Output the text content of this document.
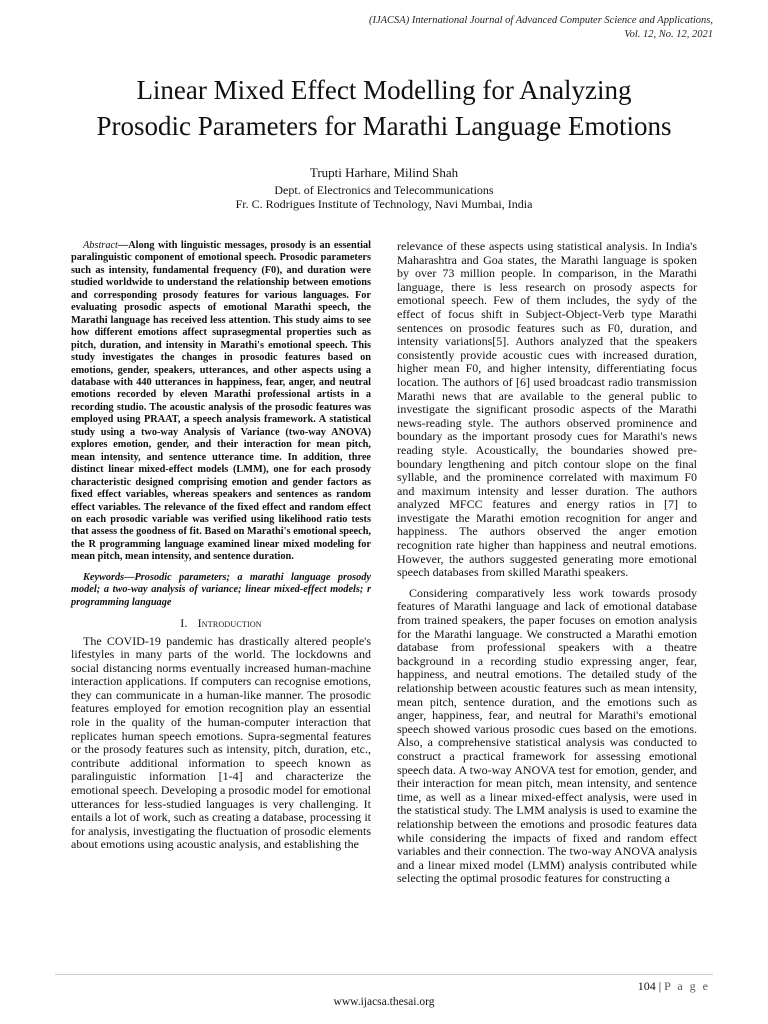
(IJACSA) International Journal of Advanced Computer Science and Applications,
Vol. 12, No. 12, 2021
Linear Mixed Effect Modelling for Analyzing
Prosodic Parameters for Marathi Language Emotions
Trupti Harhare, Milind Shah
Dept. of Electronics and Telecommunications
Fr. C. Rodrigues Institute of Technology, Navi Mumbai, India

Abstract—Along with linguistic messages, prosody is an essential paralinguistic component of emotional speech. Prosodic parameters such as intensity, fundamental frequency (F0), and duration were studied worldwide to understand the relationship between emotions and corresponding prosody features for various languages. For evaluating prosodic aspects of emotional Marathi speech, the Marathi language has received less attention. This study aims to see how different emotions affect suprasegmental properties such as pitch, duration, and intensity in Marathi's emotional speech. This study investigates the changes in prosodic features based on emotions, gender, speakers, utterances, and other aspects using a database with 440 utterances in happiness, fear, anger, and neutral emotions recorded by eleven Marathi professional artists in a recording studio. The acoustic analysis of the prosodic features was employed using PRAAT, a speech analysis framework. A statistical study using a two-way Analysis of Variance (two-way ANOVA) explores emotion, gender, and their interaction for mean pitch, mean intensity, and sentence utterance time. In addition, three distinct linear mixed-effect models (LMM), one for each prosody characteristic designed comprising emotion and gender factors as fixed effect variables, whereas speakers and sentences as random effect variables. The relevance of the fixed effect and random effect on each prosodic variable was verified using likelihood ratio tests that assess the goodness of fit. Based on Marathi's emotional speech, the R programming language examined linear mixed modeling for mean pitch, mean intensity, and sentence duration.

Keywords—Prosodic parameters; a marathi language prosody model; a two-way analysis of variance; linear mixed-effect models; r programming language

I. Introduction

The COVID-19 pandemic has drastically altered people's lifestyles in many parts of the world. The lockdowns and social distancing norms eventually increased human-machine interaction applications. If computers can recognise emotions, they can communicate in a human-like manner. The prosodic features employed for emotion recognition play an essential role in the quality of the human-computer interaction that replicates human speech emotions. Supra-segmental features or the prosody features such as intensity, pitch, duration, etc., contribute additional information to speech known as paralinguistic information [1-4] and characterize the emotional speech. Developing a prosodic model for emotional utterances for less-studied languages is very challenging. It entails a lot of work, such as creating a database, processing it for analysis, investigating the fluctuation of prosodic elements about emotions using acoustic analysis, and establishing the

relevance of these aspects using statistical analysis. In India's Maharashtra and Goa states, the Marathi language is spoken by over 73 million people. In comparison, in the Marathi language, there is less research on prosody aspects for emotional speech. Few of them includes, the sydy of the effect of focus shift in Subject-Object-Verb type Marathi sentences on prosodic features such as F0, duration, and intensity variations[5]. Authors analyzed that the speakers consistently provide acoustic cues with increased duration, higher mean F0, and higher intensity, differentiating focus location. The authors of [6] used broadcast radio transmission Marathi news that are available to the general public to investigate the significant prosodic aspects of the Marathi news-reading style. The authors observed prominence and boundary as the important prosody cues for Marathi's news reading style. Acoustically, the boundaries showed pre-boundary lengthening and pitch contour slope on the final syllable, and the prominence correlated with maximum F0 and maximum intensity and lesser duration. The authors analyzed MFCC features and energy ratios in [7] to investigate the Marathi emotion recognition for anger and happiness. The authors observed the anger emotion recognition rate higher than happiness and neutral emotions. However, the authors suggested generating more emotional speech databases from skilled Marathi speakers.

Considering comparatively less work towards prosody features of Marathi language and lack of emotional database from trained speakers, the paper focuses on emotion analysis for the Marathi language. We constructed a Marathi emotion database from professional speakers with a theatre background in a recording studio expressing anger, fear, happiness, and neutral emotions. The detailed study of the relationship between acoustic features such as mean intensity, mean pitch, sentence duration, and the emotions such as anger, happiness, fear, and neutral for Marathi's emotional speech showed various prosodic cues based on the emotions. Also, a comprehensive statistical analysis was conducted to construct a practical framework for assessing emotional speech data. A two-way ANOVA test for emotion, gender, and their interaction for mean pitch, mean intensity, and sentence time, as well as a linear mixed-effect analysis, were used in the statistical study. The LMM analysis is used to examine the relationship between the emotions and prosodic features data while considering the impacts of fixed and random effect variables and their connection. The two-way ANOVA analysis and a linear mixed model (LMM) analysis contributed while selecting the optimal prosodic features for constructing a

104 | P a g e
www.ijacsa.thesai.org
